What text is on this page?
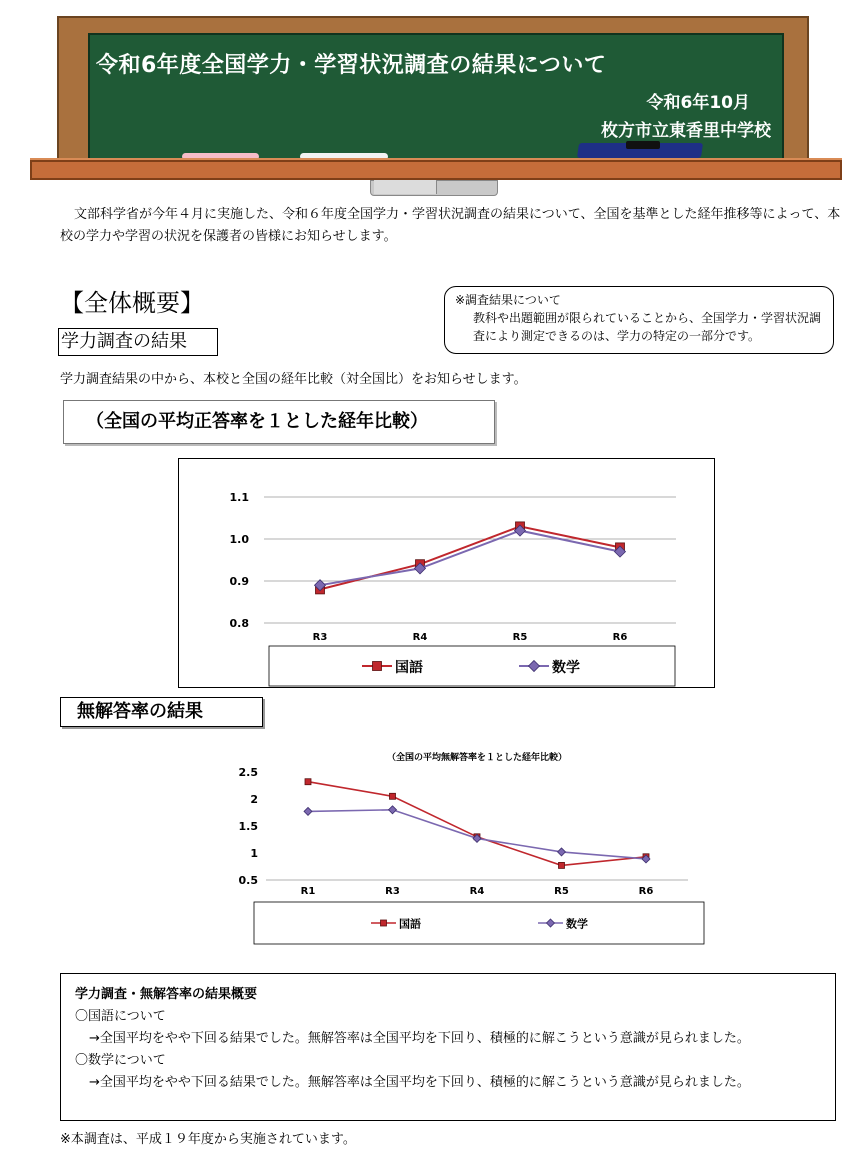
令和6年度全国学力・学習状況調査の結果について
令和6年10月
枚方市立東香里中学校
文部科学省が今年４月に実施した、令和６年度全国学力・学習状況調査の結果について、全国を基準とした経年推移等によって、本校の学力や学習の状況を保護者の皆様にお知らせします。
【全体概要】	※調査結果について
教科や出題範囲が限られていることから、全国学力・学習状況調査により測定できるのは、学力の特定の一部分です。
学力調査の結果
学力調査結果の中から、本校と全国の経年比較（対全国比）をお知らせします。
（全国の平均正答率を１とした経年比較）
0.8
0.9
1.0
1.1
R3	R4	R5	R6
国語	数学
無解答率の結果
（全国の平均無解答率を１とした経年比較）
0.5
1
1.5
2
2.5
R1	R3	R4	R5	R6
国語	数学
学力調査・無解答率の結果概要
〇国語について
→全国平均をやや下回る結果でした。無解答率は全国平均を下回り、積極的に解こうという意識が見られました。
〇数学について
→全国平均をやや下回る結果でした。無解答率は全国平均を下回り、積極的に解こうという意識が見られました。
※本調査は、平成１９年度から実施されています。
